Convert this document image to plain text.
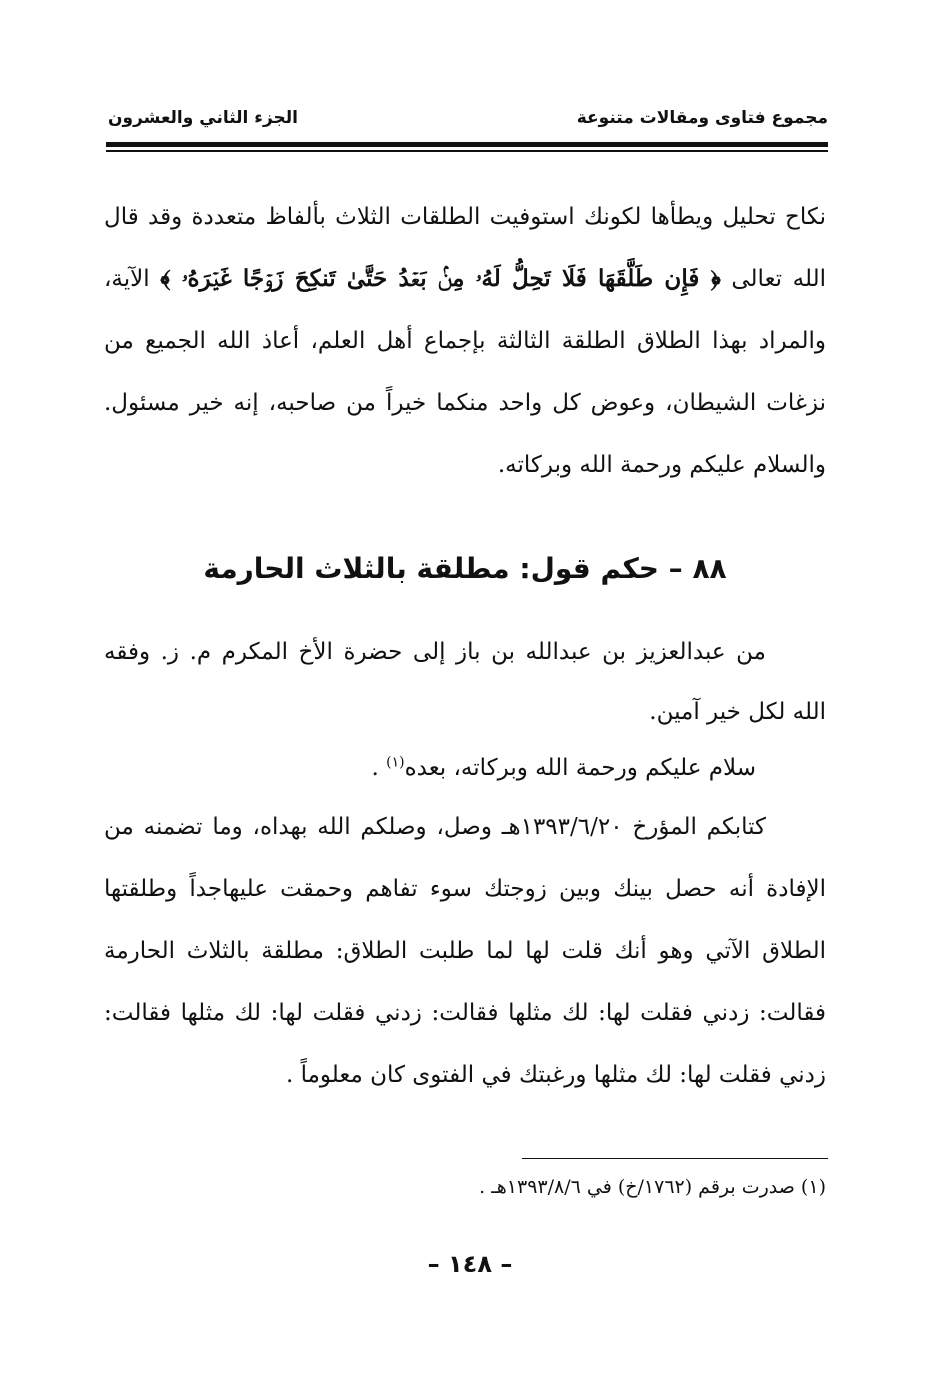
الجزء الثاني والعشرون	مجموع فتاوى ومقالات متنوعة

نكاح تحليل ويطأها لكونك استوفيت الطلقات الثلاث بألفاظ متعددة وقد قال الله تعالى ﴿ فَإِن طَلَّقَهَا فَلَا تَحِلُّ لَهُۥ مِنۢ بَعۡدُ حَتَّىٰ تَنكِحَ زَوۡجًا غَيۡرَهُۥ ﴾ الآية، والمراد بهذا الطلاق الطلقة الثالثة بإجماع أهل العلم، أعاذ الله الجميع من نزغات الشيطان، وعوض كل واحد منكما خيراً من صاحبه، إنه خير مسئول. والسلام عليكم ورحمة الله وبركاته.

٨٨ – حكم قول: مطلقة بالثلاث الحارمة

من عبدالعزيز بن عبدالله بن باز إلى حضرة الأخ المكرم م. ز. وفقه الله لكل خير آمين.

سلام عليكم ورحمة الله وبركاته، بعده$^{(١)}$ .

كتابكم المؤرخ ١٣٩٣/٦/٢٠هـ وصل، وصلكم الله بهداه، وما تضمنه من الإفادة أنه حصل بينك وبين زوجتك سوء تفاهم وحمقت عليهاجداً وطلقتها الطلاق الآتي وهو أنك قلت لها لما طلبت الطلاق: مطلقة بالثلاث الحارمة فقالت: زدني فقلت لها: لك مثلها فقالت: زدني فقلت لها: لك مثلها فقالت: زدني فقلت لها: لك مثلها ورغبتك في الفتوى كان معلوماً .

(١) صدرت برقم (١٧٦٢/خ) في ١٣٩٣/٨/٦هـ .

– ١٤٨ –
